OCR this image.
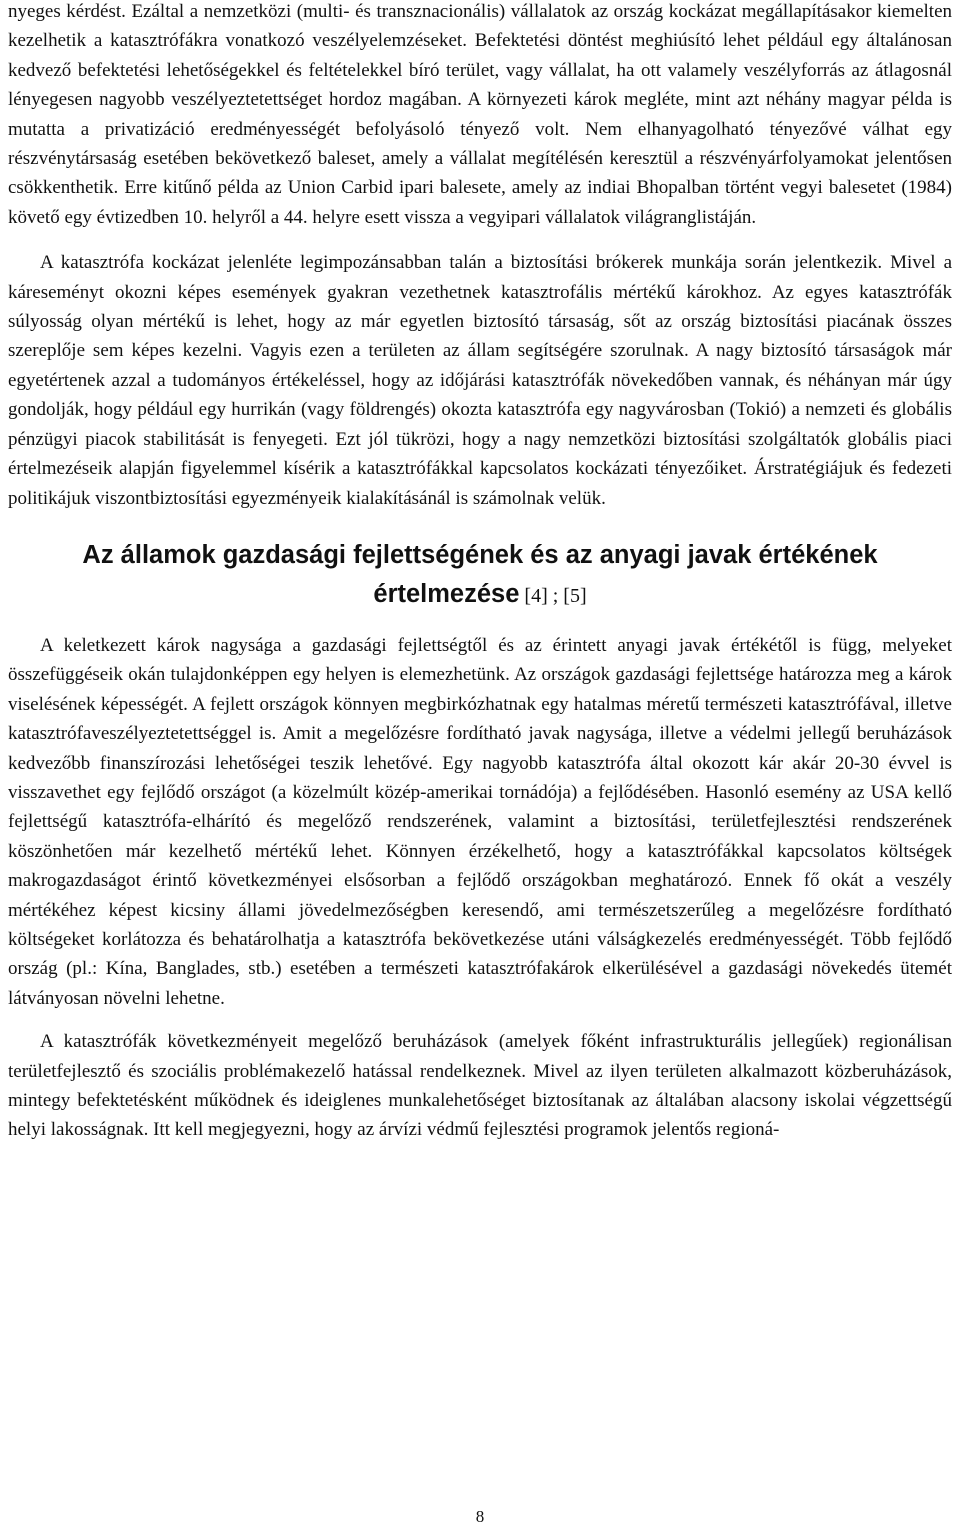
nyeges kérdést. Ezáltal a nemzetközi (multi- és transznacionális) vállalatok az ország kockázat megállapításakor kiemelten kezelhetik a katasztrófákra vonatkozó veszélyelemzéseket. Befektetési döntést meghiúsító lehet például egy általánosan kedvező befektetési lehetőségekkel és feltételekkel bíró terület, vagy vállalat, ha ott valamely veszélyforrás az átlagosnál lényegesen nagyobb veszélyeztetettséget hordoz magában. A környezeti károk megléte, mint azt néhány magyar példa is mutatta a privatizáció eredményességét befolyásoló tényező volt. Nem elhanyagolható tényezővé válhat egy részvénytársaság esetében bekövetkező baleset, amely a vállalat megítélésén keresztül a részvényárfolyamokat jelentősen csökkenthetik. Erre kitűnő példa az Union Carbid ipari balesete, amely az indiai Bhopalban történt vegyi balesetet (1984) követő egy évtizedben 10. helyről a 44. helyre esett vissza a vegyipari vállalatok világranglistáján.

A katasztrófa kockázat jelenléte legimpozánsabban talán a biztosítási brókerek munkája során jelentkezik. Mivel a káreseményt okozni képes események gyakran vezethetnek katasztrofális mértékű károkhoz. Az egyes katasztrófák súlyosság olyan mértékű is lehet, hogy az már egyetlen biztosító társaság, sőt az ország biztosítási piacának összes szereplője sem képes kezelni. Vagyis ezen a területen az állam segítségére szorulnak. A nagy biztosító társaságok már egyetértenek azzal a tudományos értékeléssel, hogy az időjárási katasztrófák növekedőben vannak, és néhányan már úgy gondolják, hogy például egy hurrikán (vagy földrengés) okozta katasztrófa egy nagyvárosban (Tokió) a nemzeti és globális pénzügyi piacok stabilitását is fenyegeti. Ezt jól tükrözi, hogy a nagy nemzetközi biztosítási szolgáltatók globális piaci értelmezéseik alapján figyelemmel kísérik a katasztrófákkal kapcsolatos kockázati tényezőiket. Árstratégiájuk és fedezeti politikájuk viszontbiztosítási egyezményeik kialakításánál is számolnak velük.

Az államok gazdasági fejlettségének és az anyagi javak értékének
értelmezése [4] ; [5]

A keletkezett károk nagysága a gazdasági fejlettségtől és az érintett anyagi javak értékétől is függ, melyeket összefüggéseik okán tulajdonképpen egy helyen is elemezhetünk. Az országok gazdasági fejlettsége határozza meg a károk viselésének képességét. A fejlett országok könnyen megbirkózhatnak egy hatalmas méretű természeti katasztrófával, illetve katasztrófaveszélyeztetettséggel is. Amit a megelőzésre fordítható javak nagysága, illetve a védelmi jellegű beruházások kedvezőbb finanszírozási lehetőségei teszik lehetővé. Egy nagyobb katasztrófa által okozott kár akár 20-30 évvel is visszavethet egy fejlődő országot (a közelmúlt közép-amerikai tornádója) a fejlődésében. Hasonló esemény az USA kellő fejlettségű katasztrófa-elhárító és megelőző rendszerének, valamint a biztosítási, területfejlesztési rendszerének köszönhetően már kezelhető mértékű lehet. Könnyen érzékelhető, hogy a katasztrófákkal kapcsolatos költségek makrogazdaságot érintő következményei elsősorban a fejlődő országokban meghatározó. Ennek fő okát a veszély mértékéhez képest kicsiny állami jövedelmezőségben keresendő, ami természetszerűleg a megelőzésre fordítható költségeket korlátozza és behatárolhatja a katasztrófa bekövetkezése utáni válságkezelés eredményességét. Több fejlődő ország (pl.: Kína, Banglades, stb.) esetében a természeti katasztrófakárok elkerülésével a gazdasági növekedés ütemét látványosan növelni lehetne.

A katasztrófák következményeit megelőző beruházások (amelyek főként infrastrukturális jellegűek) regionálisan területfejlesztő és szociális problémakezelő hatással rendelkeznek. Mivel az ilyen területen alkalmazott közberuházások, mintegy befektetésként működnek és ideiglenes munkalehetőséget biztosítanak az általában alacsony iskolai végzettségű helyi lakosságnak. Itt kell megjegyezni, hogy az árvízi védmű fejlesztési programok jelentős regioná-

8
